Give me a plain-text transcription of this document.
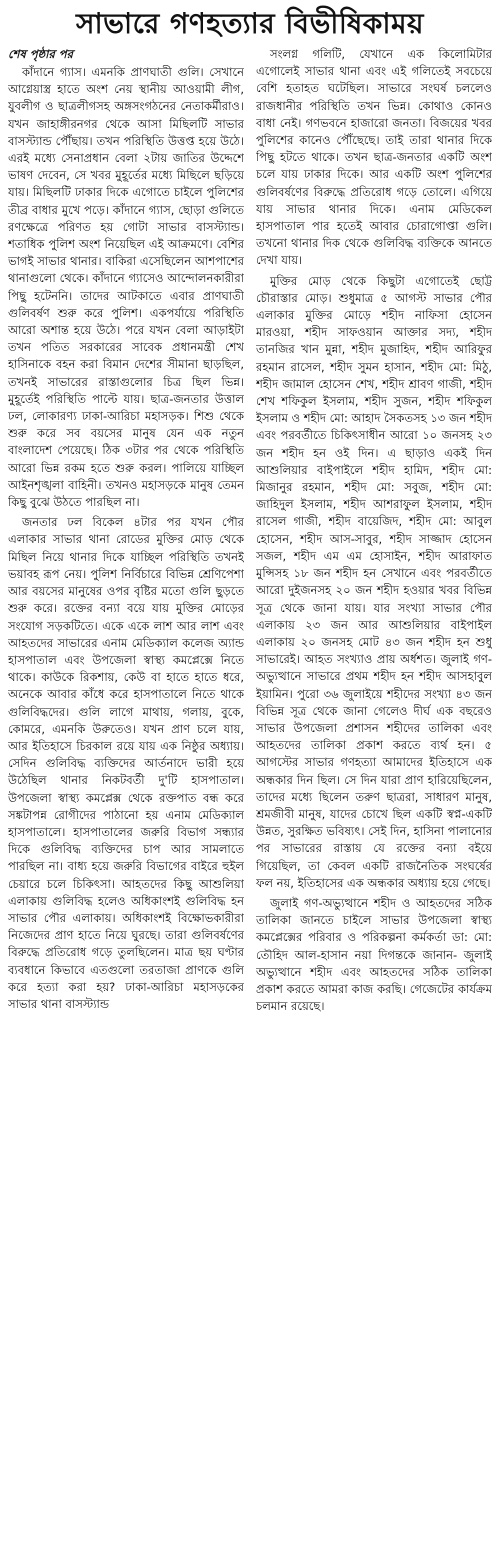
সাভারে গণহত্যার বিভীষিকাময়
শেষ পৃষ্ঠার পর

কাঁদানে গ্যাস। এমনকি প্রাণঘাতী গুলি। সেখানে আগ্নেয়াস্ত্র হাতে অংশ নেয় স্থানীয় আওয়ামী লীগ, যুবলীগ ও ছাত্রলীগসহ অঙ্গসংগঠনের নেতাকর্মীরাও। যখন জাহাঙ্গীরনগর থেকে আসা মিছিলটি সাভার বাসস্ট্যান্ড পৌঁছায়। তখন পরিস্থিতি উত্তপ্ত হয়ে উঠে। এরই মধ্যে সেনাপ্রধান বেলা ২টায় জাতির উদ্দেশে ভাষণ দেবেন, সে খবর মুহূর্তের মধ্যে মিছিলে ছড়িয়ে যায়। মিছিলটি ঢাকার দিকে এগোতে চাইলে পুলিশের তীব্র বাধার মুখে পড়ে। কাঁদানে গ্যাস, ছোড়া গুলিতে রণক্ষেত্রে পরিণত হয় গোটা সাভার বাসস্ট্যান্ড। শতাধিক পুলিশ অংশ নিয়েছিল এই আক্রমণে। বেশির ভাগই সাভার থানার। বাকিরা এসেছিলেন আশপাশের থানাগুলো থেকে। কাঁদানে গ্যাসেও আন্দোলনকারীরা পিছু হটেননি। তাদের আটকাতে এবার প্রাণঘাতী গুলিবর্ষণ শুরু করে পুলিশ। একপর্যায়ে পরিস্থিতি আরো অশান্ত হয়ে উঠে। পরে যখন বেলা আড়াইটা তখন পতিত সরকারের সাবেক প্রধানমন্ত্রী শেখ হাসিনাকে বহন করা বিমান দেশের সীমানা ছাড়ছিল, তখনই সাভারের রাস্তাগুলোর চিত্র ছিল ভিন্ন। মুহূর্তেই পরিস্থিতি পাল্টে যায়। ছাত্র-জনতার উত্তাল ঢল, লোকারণ্য ঢাকা-আরিচা মহাসড়ক। শিশু থেকে শুরু করে সব বয়সের মানুষ যেন এক নতুন বাংলাদেশ পেয়েছে। ঠিক ৩টার পর থেকে পরিস্থিতি আরো ভিন্ন রকম হতে শুরু করল। পালিয়ে যাচ্ছিল আইনশৃঙ্খলা বাহিনী। তখনও মহাসড়কে মানুষ তেমন কিছু বুঝে উঠতে পারছিল না।

জনতার ঢল বিকেল ৪টার পর যখন পৌর এলাকার সাভার থানা রোডের মুক্তির মোড় থেকে মিছিল নিয়ে থানার দিকে যাচ্ছিল পরিস্থিতি তখনই ভয়াবহ রূপ নেয়। পুলিশ নির্বিচারে বিভিন্ন শ্রেণিপেশা আর বয়সের মানুষের ওপর বৃষ্টির মতো গুলি ছুড়তে শুরু করে। রক্তের বন্যা বয়ে যায় মুক্তির মোড়ের সংযোগ সড়কটিতে। একে একে লাশ আর লাশ এবং আহতদের সাভারের এনাম মেডিক্যাল কলেজ অ্যান্ড হাসপাতাল এবং উপজেলা স্বাস্থ্য কমপ্লেক্সে নিতে থাকে। কাউকে রিকশায়, কেউ বা হাতে হাতে ধরে, অনেকে আবার কাঁধে করে হাসপাতালে নিতে থাকে গুলিবিদ্ধদের। গুলি লাগে মাথায়, গলায়, বুকে, কোমরে, এমনকি উরুতেও। যখন প্রাণ চলে যায়, আর ইতিহাসে চিরকাল রয়ে যায় এক নিষ্ঠুর অধ্যায়। সেদিন গুলিবিদ্ধ ব্যক্তিদের আর্তনাদে ভারী হয়ে উঠেছিল থানার নিকটবর্তী দু'টি হাসপাতাল। উপজেলা স্বাস্থ্য কমপ্লেক্স থেকে রক্তপাত বন্ধ করে সঙ্কটাপন্ন রোগীদের পাঠানো হয় এনাম মেডিক্যাল হাসপাতালে। হাসপাতালের জরুরি বিভাগ সন্ধ্যার দিকে গুলিবিদ্ধ ব্যক্তিদের চাপ আর সামলাতে পারছিল না। বাধ্য হয়ে জরুরি বিভাগের বাইরে হুইল চেয়ারে চলে চিকিৎসা। আহতদের কিছু আশুলিয়া এলাকায় গুলিবিদ্ধ হলেও অধিকাংশই গুলিবিদ্ধ হন সাভার পৌর এলাকায়। অধিকাংশই বিক্ষোভকারীরা নিজেদের প্রাণ হাতে নিয়ে ঘুরছে। তারা গুলিবর্ষণের বিরুদ্ধে প্রতিরোধ গড়ে তুলছিলেন। মাত্র ছয় ঘণ্টার ব্যবধানে কিভাবে এতগুলো তরতাজা প্রাণকে গুলি করে হত্যা করা হয়? ঢাকা-আরিচা মহাসড়কের সাভার থানা বাসস্ট্যান্ড

সংলগ্ন গলিটি, যেখানে এক কিলোমিটার এগোলেই সাভার থানা এবং এই গলিতেই সবচেয়ে বেশি হতাহত ঘটেছিল। সাভারে সংঘর্ষ চললেও রাজধানীর পরিস্থিতি তখন ভিন্ন। কোথাও কোনও বাধা নেই। গণভবনে হাজারো জনতা। বিজয়ের খবর পুলিশের কানেও পৌঁছেছে। তাই তারা থানার দিকে পিছু হটতে থাকে। তখন ছাত্র-জনতার একটি অংশ চলে যায় ঢাকার দিকে। আর একটি অংশ পুলিশের গুলিবর্ষণের বিরুদ্ধে প্রতিরোধ গড়ে তোলে। এগিয়ে যায় সাভার থানার দিকে। এনাম মেডিকেল হাসপাতাল পার হতেই আবার চোরাগোপ্তা গুলি। তখনো থানার দিক থেকে গুলিবিদ্ধ ব্যক্তিকে আনতে দেখা যায়।

মুক্তির মোড় থেকে কিছুটা এগোতেই ছোট্ট চৌরাস্তার মোড়। শুধুমাত্র ৫ আগস্ট সাভার পৌর এলাকার মুক্তির মোড়ে শহীদ নাফিসা হোসেন মারওয়া, শহীদ সাফওয়ান আক্তার সদ্য, শহীদ তানজির খান মুন্না, শহীদ মুজাহিদ, শহীদ আরিফুর রহমান রাসেল, শহীদ সুমন হাসান, শহীদ মো: মিঠু, শহীদ জামাল হোসেন শেখ, শহীদ শ্রাবণ গাজী, শহীদ শেখ শফিকুল ইসলাম, শহীদ সুজন, শহীদ শফিকুল ইসলাম ও শহীদ মো: আহাদ সৈকতসহ ১৩ জন শহীদ এবং পরবর্তীতে চিকিৎসাধীন আরো ১০ জনসহ ২৩ জন শহীদ হন ওই দিন। এ ছাড়াও একই দিন আশুলিয়ার বাইপাইলে শহীদ হামিদ, শহীদ মো: মিজানুর রহমান, শহীদ মো: সবুজ, শহীদ মো: জাহিদুল ইসলাম, শহীদ আশরাফুল ইসলাম, শহীদ রাসেল গাজী, শহীদ বায়েজিদ, শহীদ মো: আবুল হোসেন, শহীদ আস-সাবুর, শহীদ সাজ্জাদ হোসেন সজল, শহীদ এম এম হোসাইন, শহীদ আরাফাত মুন্সিসহ ১৮ জন শহীদ হন সেখানে এবং পরবর্তীতে আরো দুইজনসহ ২০ জন শহীদ হওয়ার খবর বিভিন্ন সূত্র থেকে জানা যায়। যার সংখ্যা সাভার পৌর এলাকায় ২৩ জন আর আশুলিয়ার বাইপাইল এলাকায় ২০ জনসহ মোট ৪৩ জন শহীদ হন শুধু সাভারেই। আহত সংখ্যাও প্রায় অর্ধশত। জুলাই গণ-অভ্যুত্থানে সাভারে প্রথম শহীদ হন শহীদ আসহাবুল ইয়ামিন। পুরো ৩৬ জুলাইয়ে শহীদের সংখ্যা ৪৩ জন বিভিন্ন সূত্র থেকে জানা গেলেও দীর্ঘ এক বছরেও সাভার উপজেলা প্রশাসন শহীদের তালিকা এবং আহতদের তালিকা প্রকাশ করতে ব্যর্থ হন। ৫ আগস্টের সাভার গণহত্যা আমাদের ইতিহাসে এক অন্ধকার দিন ছিল। সে দিন যারা প্রাণ হারিয়েছিলেন, তাদের মধ্যে ছিলেন তরুণ ছাত্ররা, সাধারণ মানুষ, শ্রমজীবী মানুষ, যাদের চোখে ছিল একটি স্বপ্ন-একটি উন্নত, সুরক্ষিত ভবিষ্যৎ। সেই দিন, হাসিনা পালানোর পর সাভারের রাস্তায় যে রক্তের বন্যা বইয়ে গিয়েছিল, তা কেবল একটি রাজনৈতিক সংঘর্ষের ফল নয়, ইতিহাসের এক অন্ধকার অধ্যায় হয়ে গেছে।

জুলাই গণ-অভ্যুত্থানে শহীদ ও আহতদের সঠিক তালিকা জানতে চাইলে সাভার উপজেলা স্বাস্থ্য কমপ্লেক্সের পরিবার ও পরিকল্পনা কর্মকর্তা ডা: মো: তৌহিদ আল-হাসান নয়া দিগন্তকে জানান- জুলাই অভ্যুত্থানে শহীদ এবং আহতদের সঠিক তালিকা প্রকাশ করতে আমরা কাজ করছি। গেজেটের কার্যক্রম চলমান রয়েছে।
